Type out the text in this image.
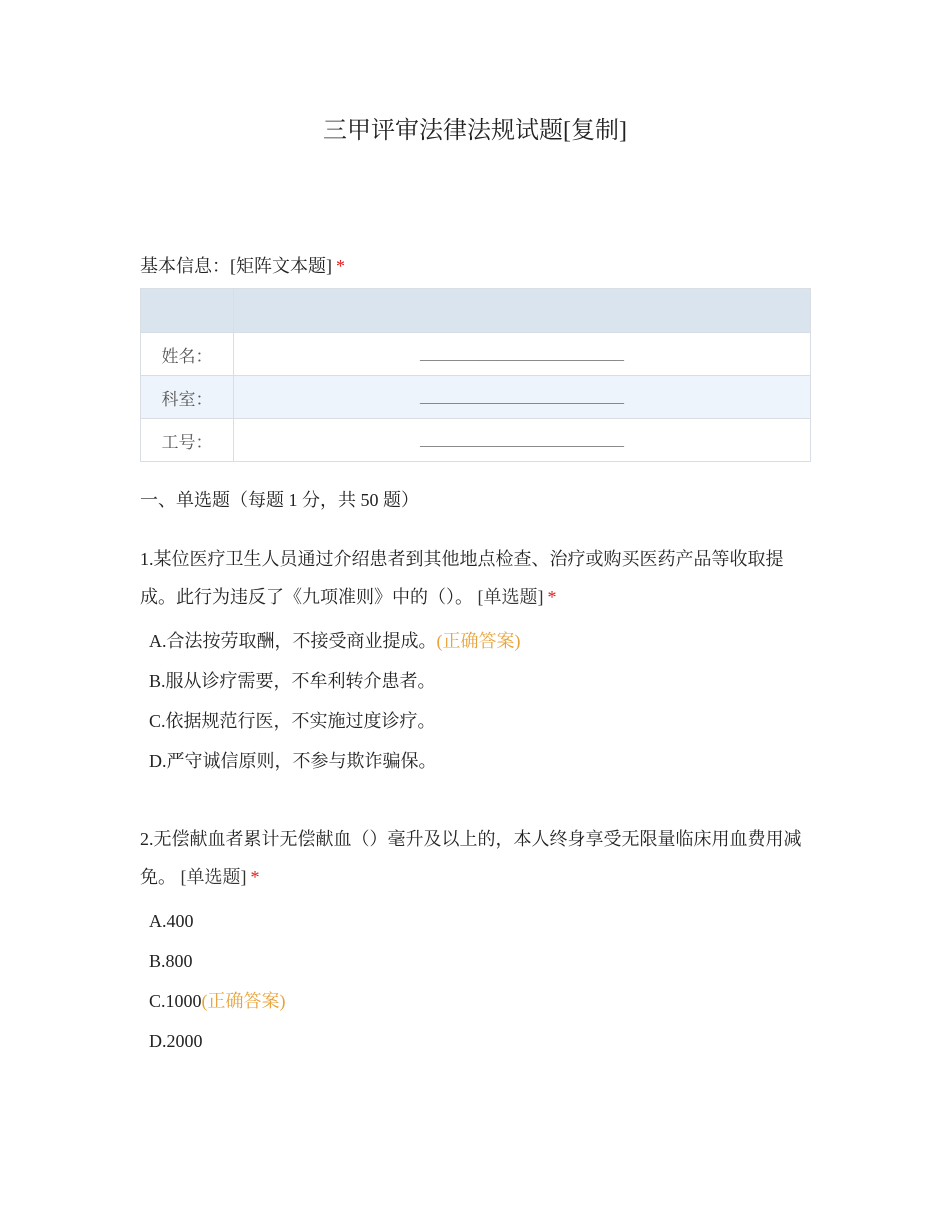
三甲评审法律法规试题[复制]
基本信息：[矩阵文本题] *

姓名：	________________________
科室：	________________________
工号：	________________________
一、单选题（每题 1 分，共 50 题）
1.某位医疗卫生人员通过介绍患者到其他地点检查、治疗或购买医药产品等收取提成。此行为违反了《九项准则》中的（）。 [单选题] *
A.合法按劳取酬，不接受商业提成。(正确答案)
B.服从诊疗需要，不牟利转介患者。
C.依据规范行医，不实施过度诊疗。
D.严守诚信原则，不参与欺诈骗保。
2.无偿献血者累计无偿献血（）毫升及以上的，本人终身享受无限量临床用血费用减免。 [单选题] *
A.400
B.800
C.1000(正确答案)
D.2000
